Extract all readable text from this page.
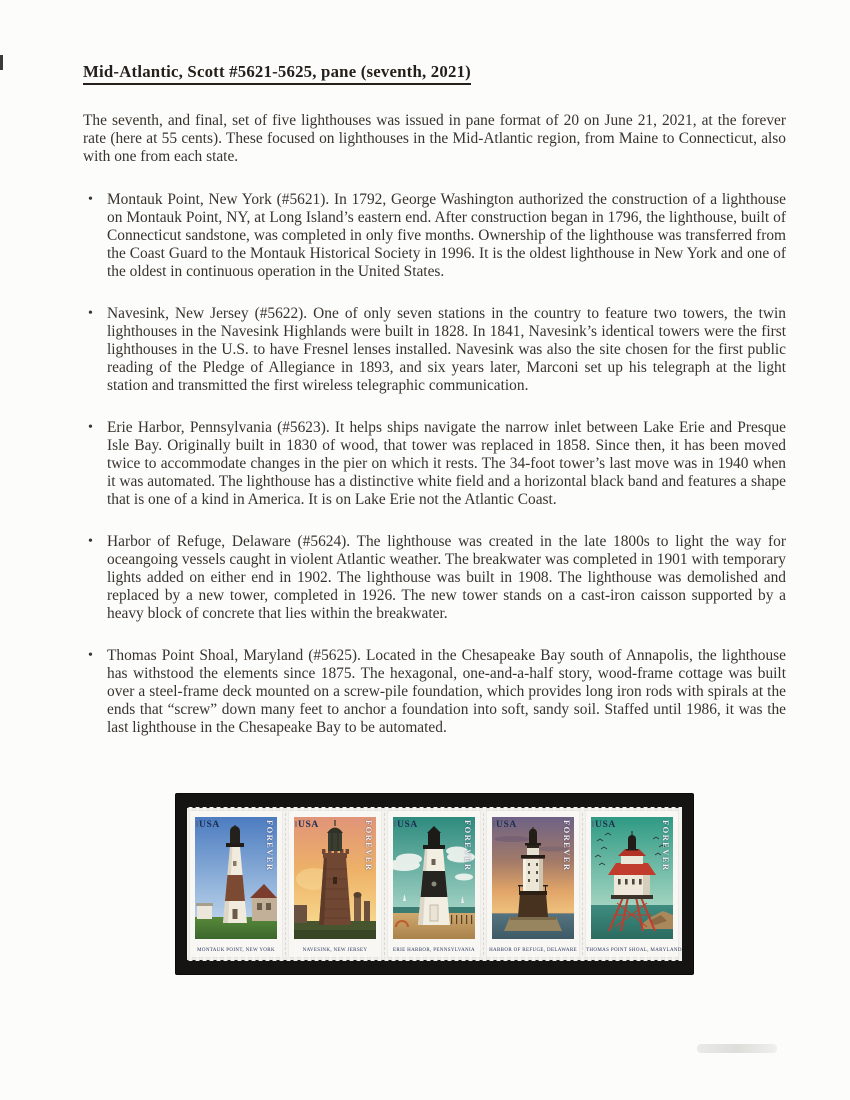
Mid-Atlantic, Scott #5621-5625, pane (seventh, 2021)
The seventh, and final, set of five lighthouses was issued in pane format of 20 on June 21, 2021, at the forever rate (here at 55 cents). These focused on lighthouses in the Mid-Atlantic region, from Maine to Connecticut, also with one from each state.
• Montauk Point, New York (#5621). In 1792, George Washington authorized the construction of a lighthouse on Montauk Point, NY, at Long Island’s eastern end. After construction began in 1796, the lighthouse, built of Connecticut sandstone, was completed in only five months. Ownership of the lighthouse was transferred from the Coast Guard to the Montauk Historical Society in 1996. It is the oldest lighthouse in New York and one of the oldest in continuous operation in the United States.
• Navesink, New Jersey (#5622). One of only seven stations in the country to feature two towers, the twin lighthouses in the Navesink Highlands were built in 1828. In 1841, Navesink’s identical towers were the first lighthouses in the U.S. to have Fresnel lenses installed. Navesink was also the site chosen for the first public reading of the Pledge of Allegiance in 1893, and six years later, Marconi set up his telegraph at the light station and transmitted the first wireless telegraphic communication.
• Erie Harbor, Pennsylvania (#5623). It helps ships navigate the narrow inlet between Lake Erie and Presque Isle Bay. Originally built in 1830 of wood, that tower was replaced in 1858. Since then, it has been moved twice to accommodate changes in the pier on which it rests. The 34-foot tower’s last move was in 1940 when it was automated. The lighthouse has a distinctive white field and a horizontal black band and features a shape that is one of a kind in America. It is on Lake Erie not the Atlantic Coast.
• Harbor of Refuge, Delaware (#5624). The lighthouse was created in the late 1800s to light the way for oceangoing vessels caught in violent Atlantic weather. The breakwater was completed in 1901 with temporary lights added on either end in 1902. The lighthouse was built in 1908. The lighthouse was demolished and replaced by a new tower, completed in 1926. The new tower stands on a cast-iron caisson supported by a heavy block of concrete that lies within the breakwater.
• Thomas Point Shoal, Maryland (#5625). Located in the Chesapeake Bay south of Annapolis, the lighthouse has withstood the elements since 1875. The hexagonal, one-and-a-half story, wood-frame cottage was built over a steel-frame deck mounted on a screw-pile foundation, which provides long iron rods with spirals at the ends that “screw” down many feet to anchor a foundation into soft, sandy soil. Staffed until 1986, it was the last lighthouse in the Chesapeake Bay to be automated.
USA	FOREVER
MONTAUK POINT, NEW YORK
USA	FOREVER
NAVESINK, NEW JERSEY
USA	FOREVER
ERIE HARBOR, PENNSYLVANIA
USA	FOREVER
HARBOR OF REFUGE, DELAWARE
USA	FOREVER
THOMAS POINT SHOAL, MARYLAND
